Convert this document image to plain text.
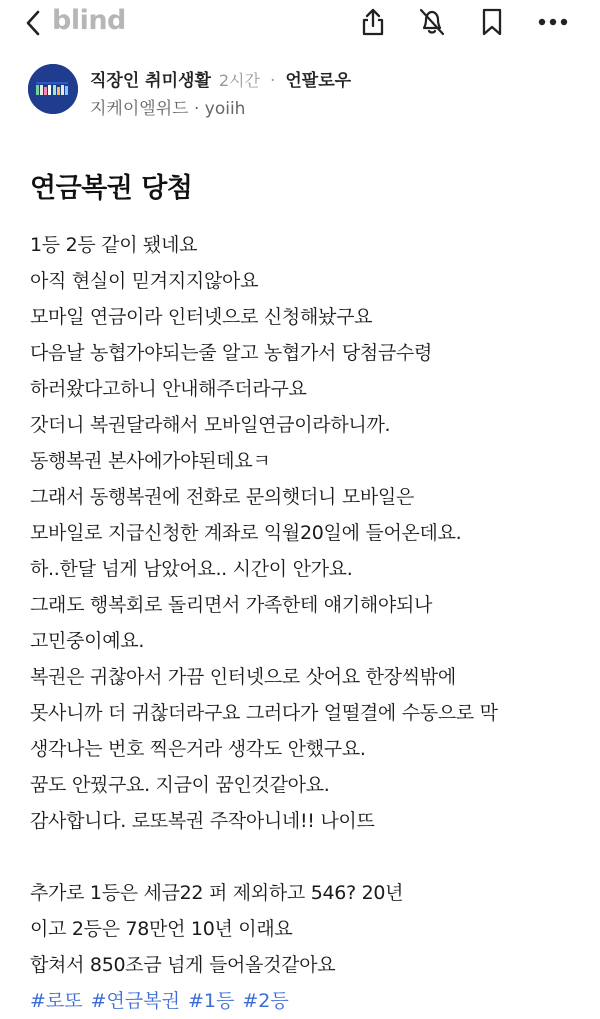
blind
직장인 취미생활 2시간 · 언팔로우
지케이엘위드 · yoiih
연금복권 당첨
1등 2등 같이 됐네요
아직 현실이 믿겨지지않아요
모마일 연금이라 인터넷으로 신청해놨구요
다음날 농협가야되는줄 알고 농협가서 당첨금수령
하러왔다고하니 안내해주더라구요
갓더니 복권달라해서 모바일연금이라하니까.
동행복권 본사에가야된데요ㅋ
그래서 동행복권에 전화로 문의햇더니 모바일은
모바일로 지급신청한 계좌로 익월20일에 들어온데요.
하..한달 넘게 남았어요.. 시간이 안가요.
그래도 행복회로 돌리면서 가족한테 얘기해야되나
고민중이예요.
복권은 귀찮아서 가끔 인터넷으로 삿어요 한장씩밖에
못사니까 더 귀찮더라구요 그러다가 얼떨결에 수동으로 막
생각나는 번호 찍은거라 생각도 안했구요.
꿈도 안꿨구요. 지금이 꿈인것같아요.
감사합니다. 로또복권 주작아니네!! 나이뜨
추가로 1등은 세금22 퍼 제외하고 546? 20년
이고 2등은 78만언 10년 이래요
합쳐서 850조금 넘게 들어올것같아요
#로또 #연금복권 #1등 #2등
